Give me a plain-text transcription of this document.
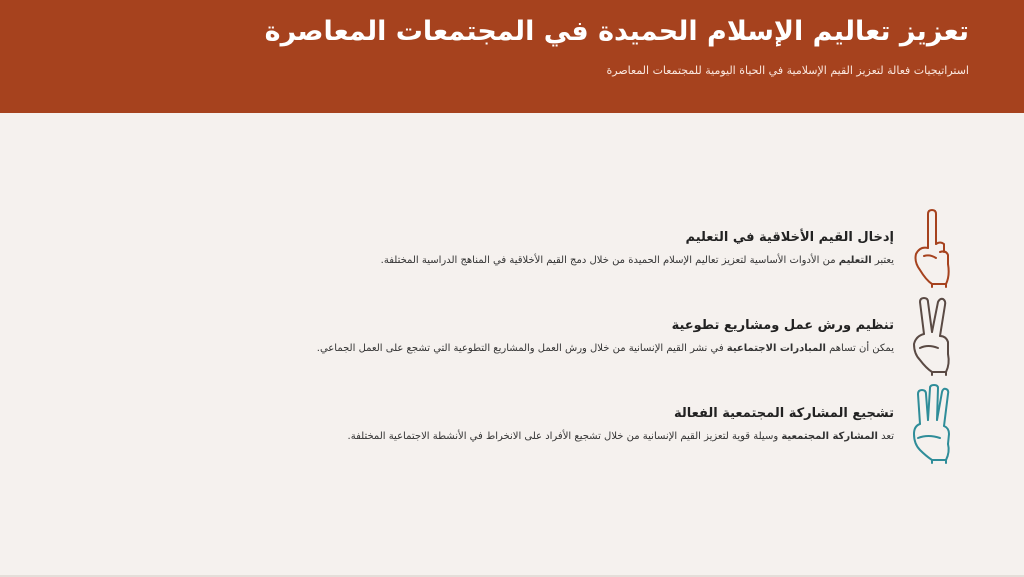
تعزيز تعاليم الإسلام الحميدة في المجتمعات المعاصرة
استراتيجيات فعالة لتعزيز القيم الإسلامية في الحياة اليومية للمجتمعات المعاصرة
إدخال القيم الأخلاقية في التعليم
يعتبر التعليم من الأدوات الأساسية لتعزيز تعاليم الإسلام الحميدة من خلال دمج القيم الأخلاقية في المناهج الدراسية المختلفة.
تنظيم ورش عمل ومشاريع تطوعية
يمكن أن تساهم المبادرات الاجتماعية في نشر القيم الإنسانية من خلال ورش العمل والمشاريع التطوعية التي تشجع على العمل الجماعي.
تشجيع المشاركة المجتمعية الفعالة
تعد المشاركة المجتمعية وسيلة قوية لتعزيز القيم الإنسانية من خلال تشجيع الأفراد على الانخراط في الأنشطة الاجتماعية المختلفة.
